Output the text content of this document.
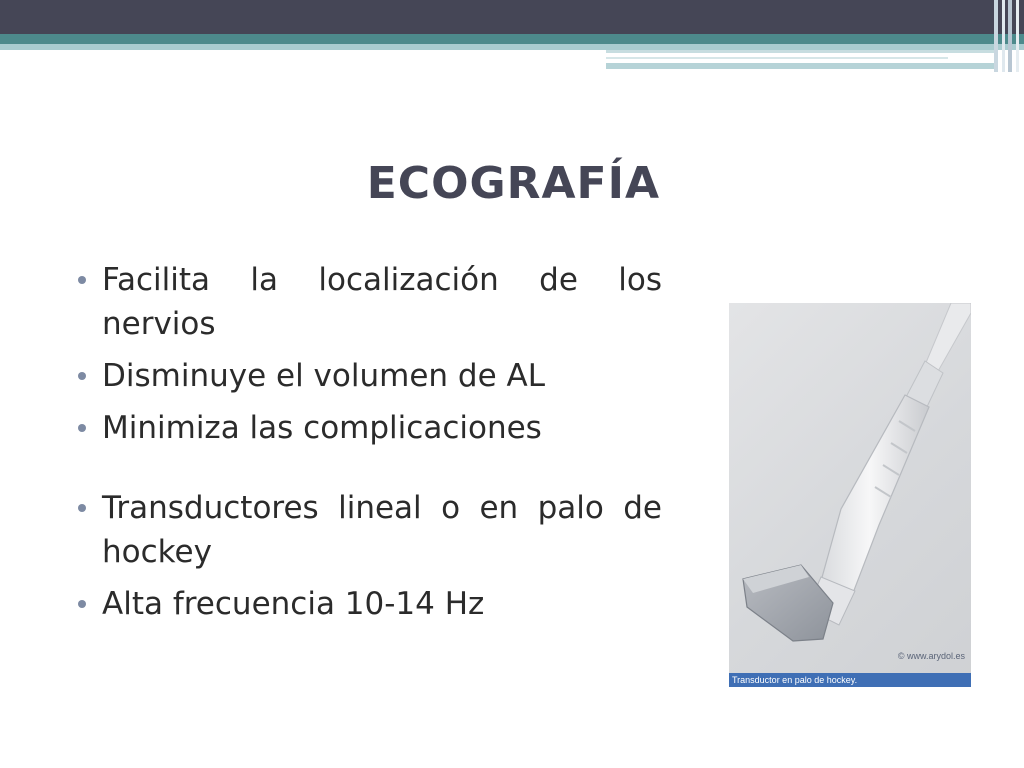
ECOGRAFÍA
Facilita la localización de los nervios
Disminuye el volumen de AL
Minimiza las complicaciones
Transductores lineal o en palo de hockey
Alta frecuencia 10-14 Hz
© www.arydol.es
Transductor en palo de hockey.
